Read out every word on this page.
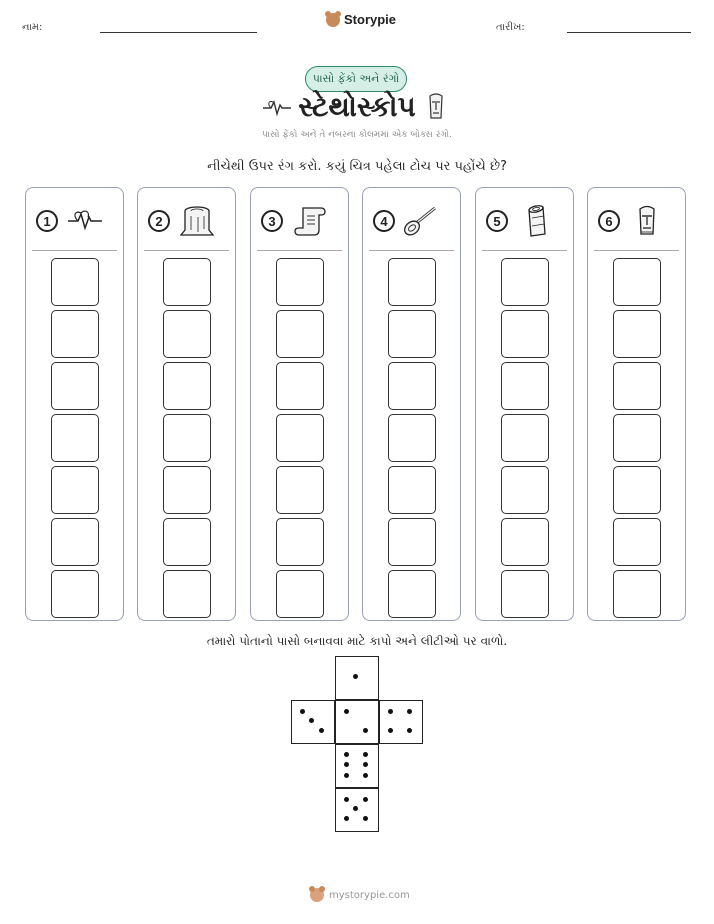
નામ:
Storypie
તારીખ:
પાસો ફેંકો અને રંગો
સ્ટેથોસ્કોપ
પાસો ફેંકો અને તે નંબરના કોલમમાં એક બોક્સ રંગો.
નીચેથી ઉપર રંગ કરો. કયું ચિત્ર પહેલા ટોચ પર પહોંચે છે?
1	2	3	4	5	6
તમારો પોતાનો પાસો બનાવવા માટે કાપો અને લીટીઓ પર વાળો.
mystorypie.com
